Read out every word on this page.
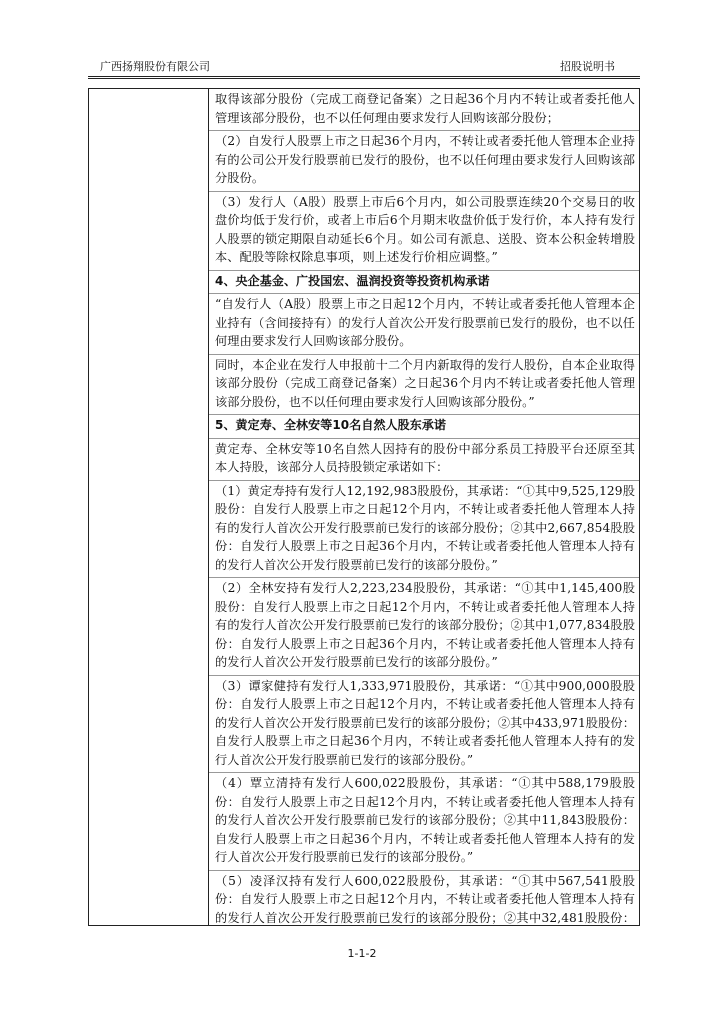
广西扬翔股份有限公司	招股说明书
取得该部分股份（完成工商登记备案）之日起36个月内不转让或者委托他人管理该部分股份，也不以任何理由要求发行人回购该部分股份；
（2）自发行人股票上市之日起36个月内，不转让或者委托他人管理本企业持有的公司公开发行股票前已发行的股份，也不以任何理由要求发行人回购该部分股份。
（3）发行人（A股）股票上市后6个月内，如公司股票连续20个交易日的收盘价均低于发行价，或者上市后6个月期末收盘价低于发行价，本人持有发行人股票的锁定期限自动延长6个月。如公司有派息、送股、资本公积金转增股本、配股等除权除息事项，则上述发行价相应调整。”
4、央企基金、广投国宏、温润投资等投资机构承诺
“自发行人（A股）股票上市之日起12个月内，不转让或者委托他人管理本企业持有（含间接持有）的发行人首次公开发行股票前已发行的股份，也不以任何理由要求发行人回购该部分股份。
同时，本企业在发行人申报前十二个月内新取得的发行人股份，自本企业取得该部分股份（完成工商登记备案）之日起36个月内不转让或者委托他人管理该部分股份，也不以任何理由要求发行人回购该部分股份。”
5、黄定寿、全林安等10名自然人股东承诺
黄定寿、全林安等10名自然人因持有的股份中部分系员工持股平台还原至其本人持股，该部分人员持股锁定承诺如下：
（1）黄定寿持有发行人12,192,983股股份，其承诺：“①其中9,525,129股股份：自发行人股票上市之日起12个月内，不转让或者委托他人管理本人持有的发行人首次公开发行股票前已发行的该部分股份；②其中2,667,854股股份：自发行人股票上市之日起36个月内，不转让或者委托他人管理本人持有的发行人首次公开发行股票前已发行的该部分股份。”
（2）全林安持有发行人2,223,234股股份，其承诺：“①其中1,145,400股股份：自发行人股票上市之日起12个月内，不转让或者委托他人管理本人持有的发行人首次公开发行股票前已发行的该部分股份；②其中1,077,834股股份：自发行人股票上市之日起36个月内，不转让或者委托他人管理本人持有的发行人首次公开发行股票前已发行的该部分股份。”
（3）谭家健持有发行人1,333,971股股份，其承诺：“①其中900,000股股份：自发行人股票上市之日起12个月内，不转让或者委托他人管理本人持有的发行人首次公开发行股票前已发行的该部分股份；②其中433,971股股份：自发行人股票上市之日起36个月内，不转让或者委托他人管理本人持有的发行人首次公开发行股票前已发行的该部分股份。”
（4）覃立清持有发行人600,022股股份，其承诺：“①其中588,179股股份：自发行人股票上市之日起12个月内，不转让或者委托他人管理本人持有的发行人首次公开发行股票前已发行的该部分股份；②其中11,843股股份：自发行人股票上市之日起36个月内，不转让或者委托他人管理本人持有的发行人首次公开发行股票前已发行的该部分股份。”
（5）凌泽汉持有发行人600,022股股份，其承诺：“①其中567,541股股份：自发行人股票上市之日起12个月内，不转让或者委托他人管理本人持有的发行人首次公开发行股票前已发行的该部分股份；②其中32,481股股份：
1-1-2
